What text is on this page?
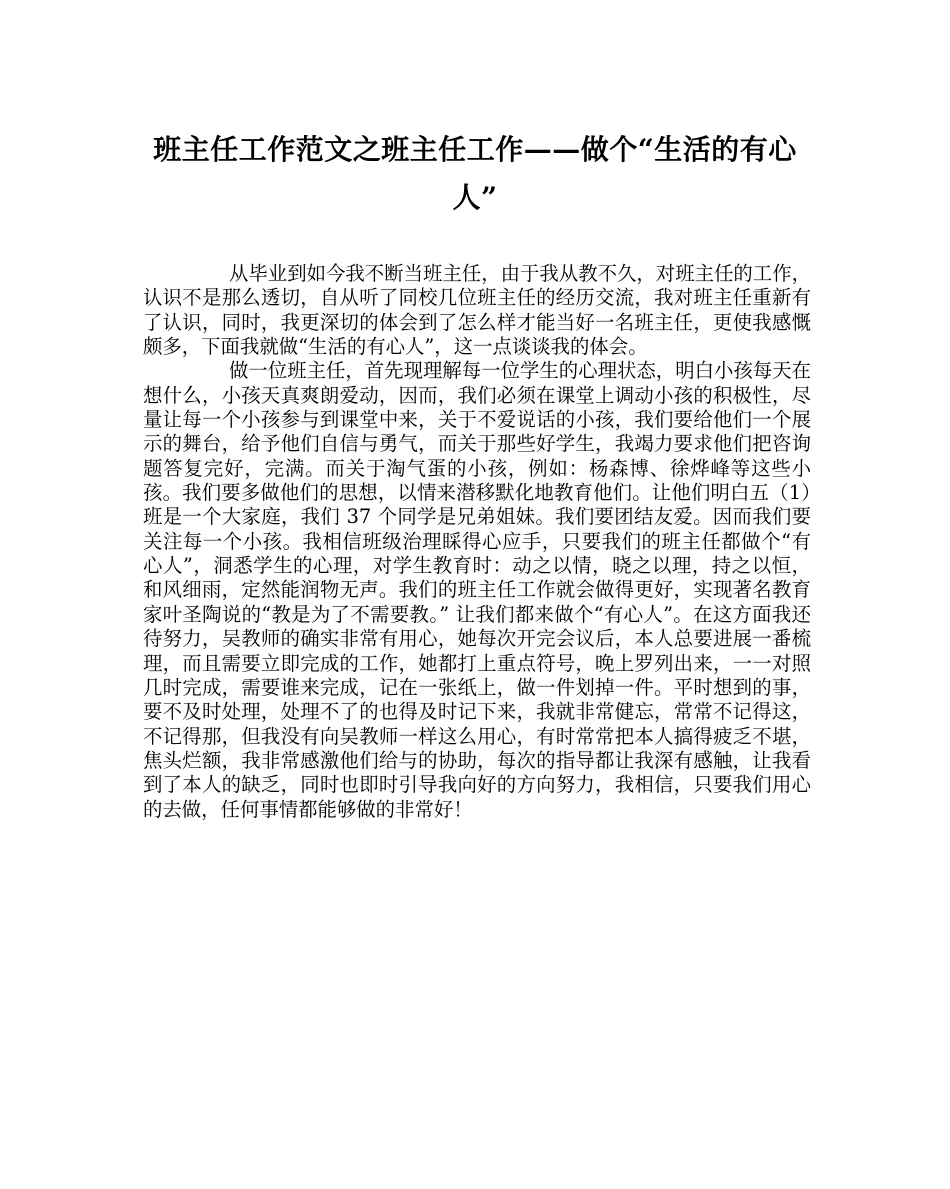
班主任工作范文之班主任工作——做个“生活的有心人”

从毕业到如今我不断当班主任，由于我从教不久，对班主任的工作，认识不是那么透切，自从听了同校几位班主任的经历交流，我对班主任重新有了认识，同时，我更深切的体会到了怎么样才能当好一名班主任，更使我感慨颇多，下面我就做“生活的有心人”，这一点谈谈我的体会。

做一位班主任，首先现理解每一位学生的心理状态，明白小孩每天在想什么，小孩天真爽朗爱动，因而，我们必须在课堂上调动小孩的积极性，尽量让每一个小孩参与到课堂中来，关于不爱说话的小孩，我们要给他们一个展示的舞台，给予他们自信与勇气，而关于那些好学生，我竭力要求他们把咨询题答复完好，完满。而关于淘气蛋的小孩，例如：杨森博、徐烨峰等这些小孩。我们要多做他们的思想，以情来潜移默化地教育他们。让他们明白五（1）班是一个大家庭，我们 37 个同学是兄弟姐妹。我们要团结友爱。因而我们要关注每一个小孩。我相信班级治理睬得心应手，只要我们的班主任都做个“有心人”，洞悉学生的心理，对学生教育时：动之以情，晓之以理，持之以恒，和风细雨，定然能润物无声。我们的班主任工作就会做得更好，实现著名教育家叶圣陶说的“教是为了不需要教。” 让我们都来做个“有心人”。在这方面我还待努力，吴教师的确实非常有用心，她每次开完会议后，本人总要进展一番梳理，而且需要立即完成的工作，她都打上重点符号，晚上罗列出来，一一对照几时完成，需要谁来完成，记在一张纸上，做一件划掉一件。平时想到的事，要不及时处理，处理不了的也得及时记下来，我就非常健忘，常常不记得这，不记得那，但我没有向吴教师一样这么用心，有时常常把本人搞得疲乏不堪，焦头烂额，我非常感激他们给与的协助，每次的指导都让我深有感触，让我看到了本人的缺乏，同时也即时引导我向好的方向努力，我相信，只要我们用心的去做，任何事情都能够做的非常好！
